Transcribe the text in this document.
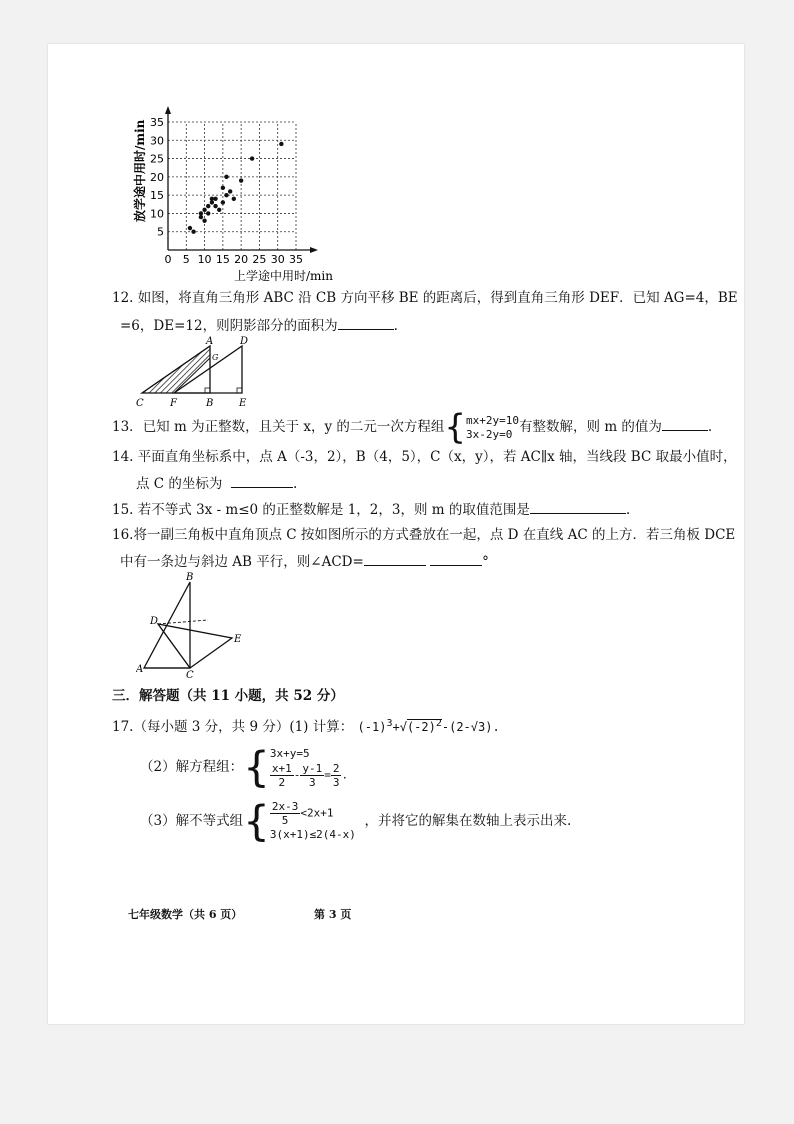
0 5 10 15 20 25 30 35
5
10
15
20
25
30
35
放学途中用时/min
上学途中用时/min
12. 如图，将直角三角形 ABC 沿 CB 方向平移 BE 的距离后，得到直角三角形 DEF．已知 AG=4，BE
=6，DE=12，则阴影部分的面积为	.
A	D
C	F	B	E
G
13．已知 m 为正整数，且关于 x，y 的二元一次方程组{mx+2y=10
3x-2y=0 有整数解，则 m 的值为	.
14. 平面直角坐标系中，点 A（-3，2），B（4，5），C（x，y），若 AC∥x 轴，当线段 BC 取最小值时，
点 C 的坐标为	.
15. 若不等式 3x - m≤0 的正整数解是 1，2，3，则 m 的取值范围是	.
16.将一副三角板中直角顶点 C 按如图所示的方式叠放在一起，点 D 在直线 AC 的上方．若三角板 DCE
中有一条边与斜边 AB 平行，则∠ACD=	°
B
D
E
A
C
三．解答题（共 11 小题，共 52 分）
17.（每小题 3 分，共 9 分）(1) 计算： $(-1)^3+√(-2)^2-(2-√3)$.
（2）解方程组：{3x+y=5

$\frac{x+1}{2} - \frac{y-1}{3} = \frac{2}{3}$ .
（3）解不等式组{ $\frac{2x-3}{5} <2x+1$
3(x+1)≤2(4-x)  ，并将它的解集在数轴上表示出来.
七年级数学（共 6 页）	第 3 页
